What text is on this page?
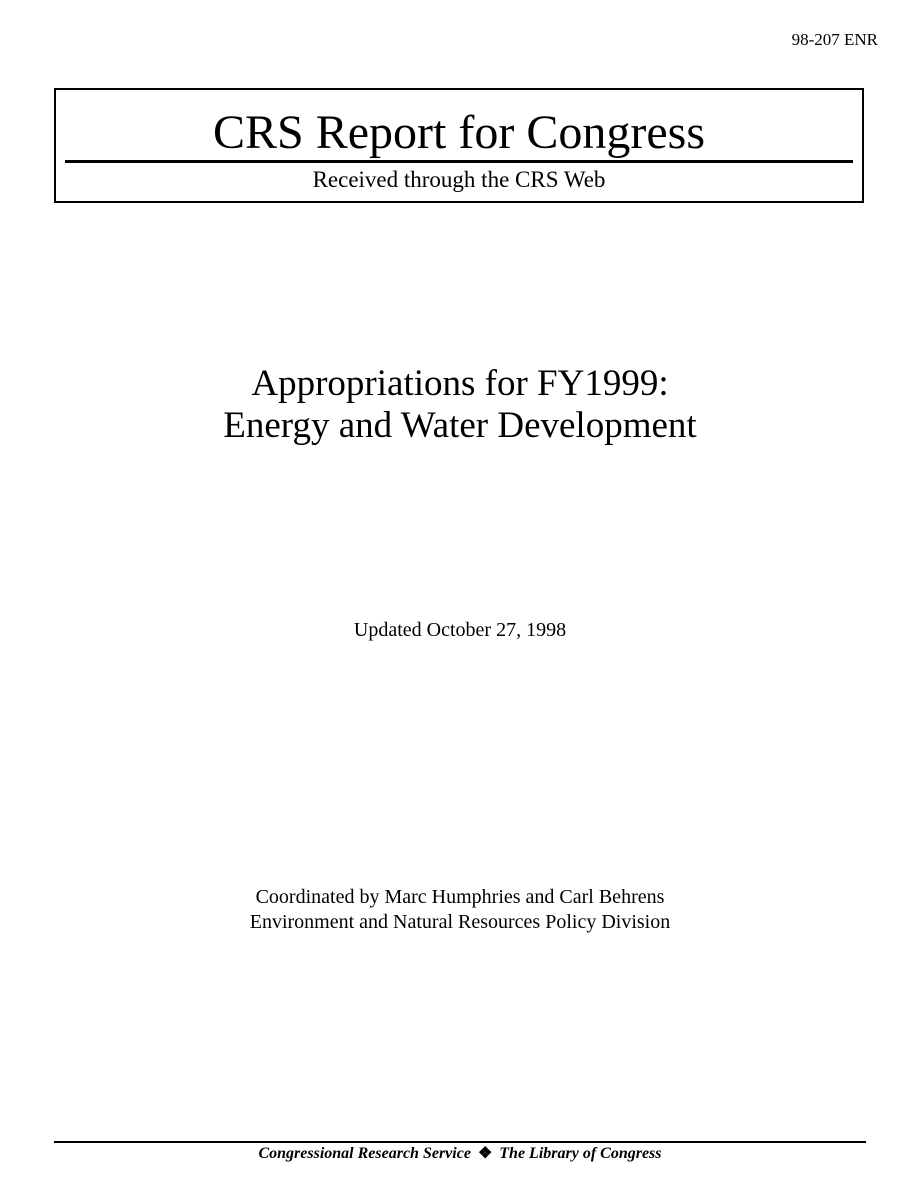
98-207 ENR
CRS Report for Congress
Received through the CRS Web
Appropriations for FY1999:
Energy and Water Development
Updated October 27, 1998
Coordinated by Marc Humphries and Carl Behrens
Environment and Natural Resources Policy Division
Congressional Research Service ❖ The Library of Congress
